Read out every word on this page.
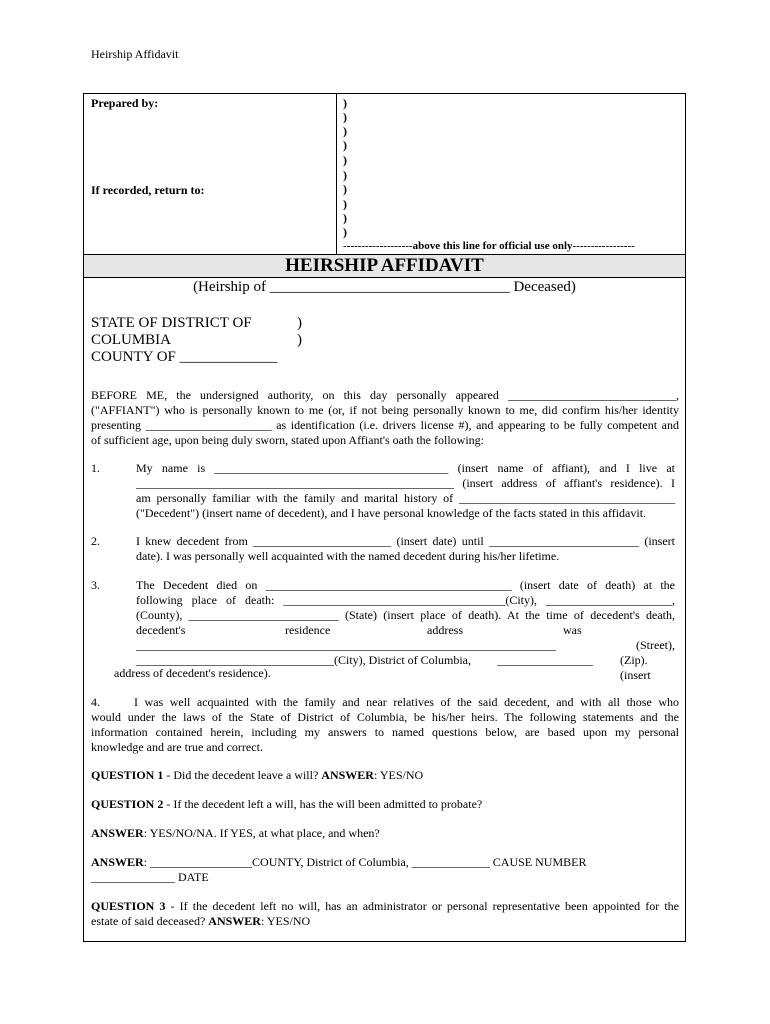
Heirship Affidavit
Prepared by:
If recorded, return to:
)
)
)
)
)
)
)
)
)
)
-------------------above this line for official use only-----------------
HEIRSHIP AFFIDAVIT
(Heirship of ________________________________ Deceased)
STATE OF DISTRICT OF
COLUMBIA
COUNTY OF _____________
)
)
BEFORE ME, the undersigned authority, on this day personally appeared ____________________________,
("AFFIANT") who is personally known to me (or, if not being personally known to me, did confirm his/her identity
presenting _____________________ as identification (i.e. drivers license #), and appearing to be fully competent and
of sufficient age, upon being duly sworn, stated upon Affiant's oath the following:
1.	My name is _______________________________________ (insert name of affiant), and I live at
_____________________________________________________ (insert address of affiant's residence). I
am personally familiar with the family and marital history of ____________________________________
("Decedent") (insert name of decedent), and I have personal knowledge of the facts stated in this affidavit.
2.	I knew decedent from _______________________ (insert date) until _________________________ (insert
date). I was personally well acquainted with the named decedent during his/her lifetime.
3.	The Decedent died on _________________________________________ (insert date of death) at the
following place of death: _____________________________________(City), _____________________,
(County), _________________________ (State) (insert place of death). At the time of decedent's death,
decedent's	residence	address	was
______________________________________________________________________ (Street),
_________________________________(City), District of Columbia, ________________ (Zip).(insert
address of decedent's residence).
4.	I was well acquainted with the family and near relatives of the said decedent, and with all those who
would under the laws of the State of District of Columbia, be his/her heirs. The following statements and the
information contained herein, including my answers to named questions below, are based upon my personal
knowledge and are true and correct.
QUESTION 1 - Did the decedent leave a will? ANSWER: YES/NO
QUESTION 2 - If the decedent left a will, has the will been admitted to probate?
ANSWER: YES/NO/NA. If YES, at what place, and when?
ANSWER: _________________COUNTY, District of Columbia, _____________ CAUSE NUMBER
______________ DATE
QUESTION 3 - If the decedent left no will, has an administrator or personal representative been appointed for the
estate of said deceased? ANSWER: YES/NO
